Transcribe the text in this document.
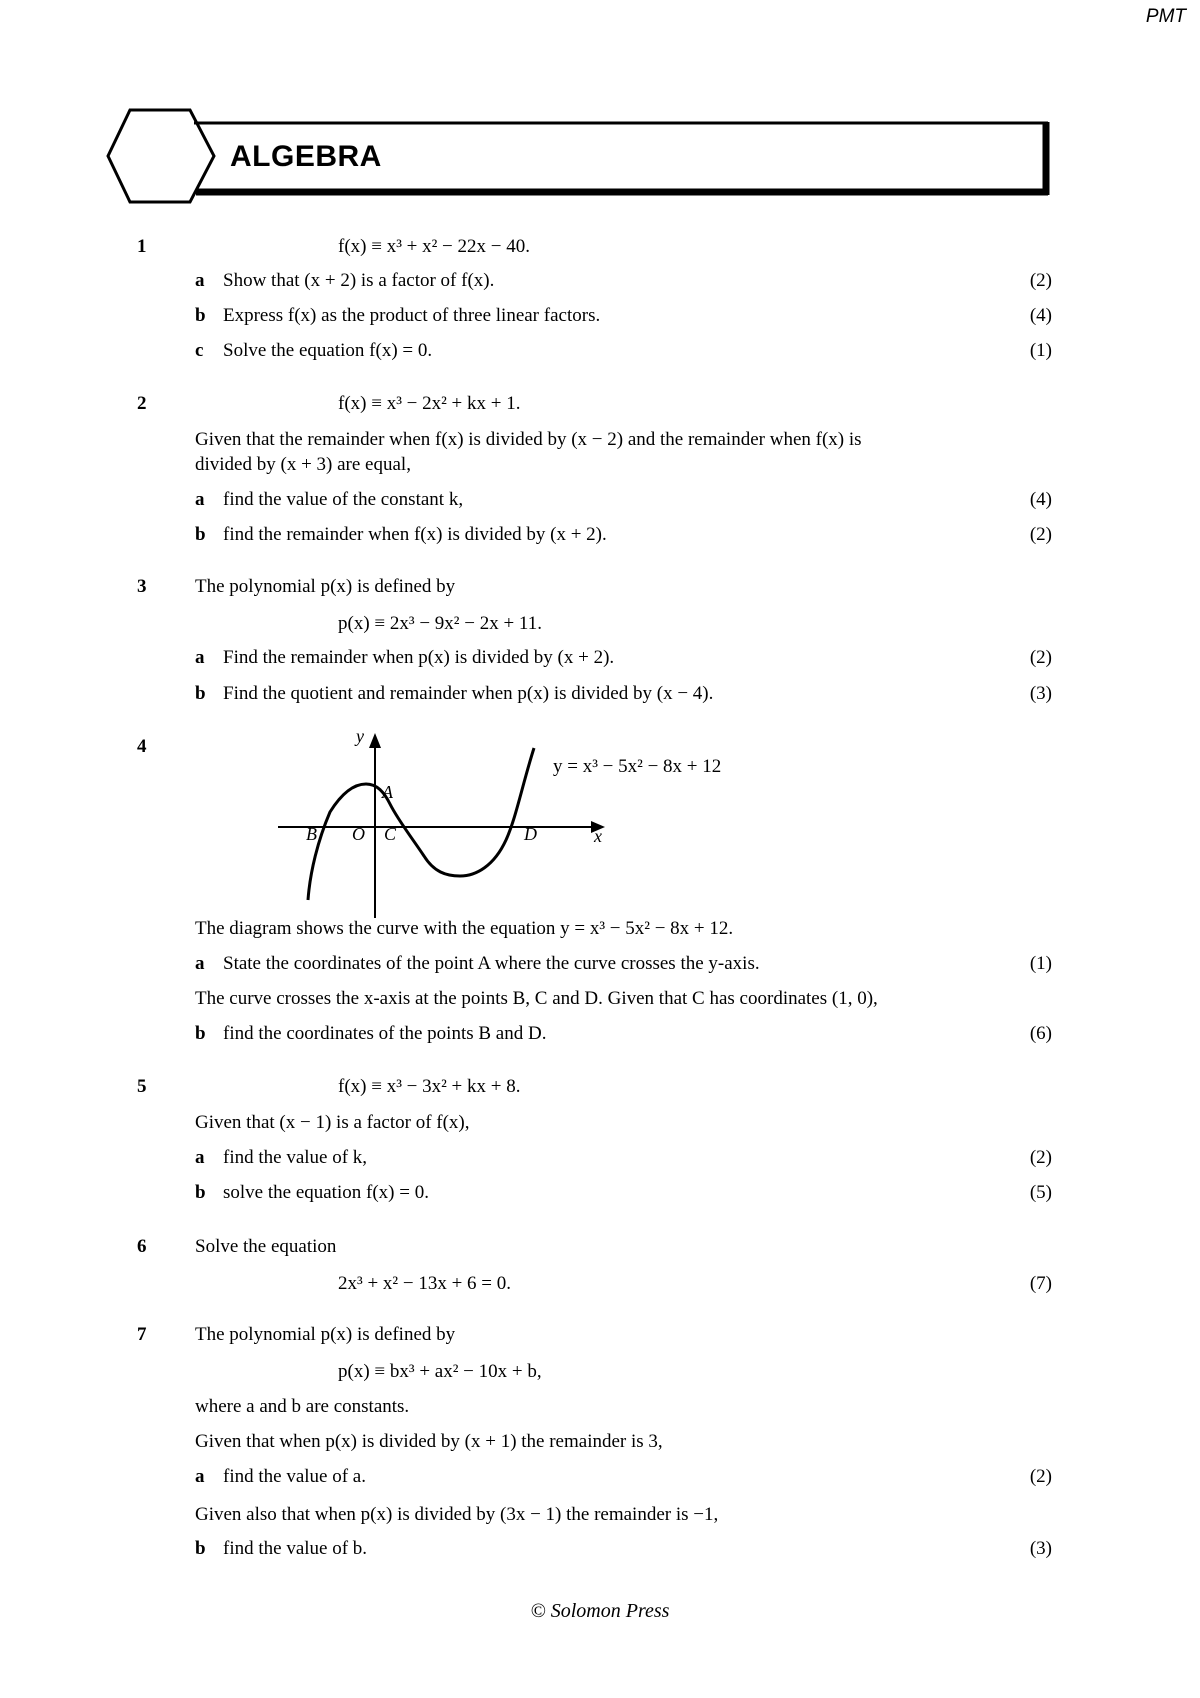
PMT
ALGEBRA
1	f(x) ≡ x³ + x² − 22x − 40.
a Show that (x + 2) is a factor of f(x).	(2)
b Express f(x) as the product of three linear factors.	(4)
c Solve the equation f(x) = 0.	(1)
2	f(x) ≡ x³ − 2x² + kx + 1.
Given that the remainder when f(x) is divided by (x − 2) and the remainder when f(x) is
divided by (x + 3) are equal,
a find the value of the constant k,	(4)
b find the remainder when f(x) is divided by (x + 2).	(2)
3	The polynomial p(x) is defined by
p(x) ≡ 2x³ − 9x² − 2x + 11.
a Find the remainder when p(x) is divided by (x + 2).	(2)
b Find the quotient and remainder when p(x) is divided by (x − 4).	(3)
4
y = x³ − 5x² − 8x + 12
y
x
A
B O C	D
The diagram shows the curve with the equation y = x³ − 5x² − 8x + 12.
a State the coordinates of the point A where the curve crosses the y-axis.	(1)
The curve crosses the x-axis at the points B, C and D. Given that C has coordinates (1, 0),
b find the coordinates of the points B and D.	(6)
5	f(x) ≡ x³ − 3x² + kx + 8.
Given that (x − 1) is a factor of f(x),
a find the value of k,	(2)
b solve the equation f(x) = 0.	(5)
6	Solve the equation
2x³ + x² − 13x + 6 = 0.	(7)
7	The polynomial p(x) is defined by
p(x) ≡ bx³ + ax² − 10x + b,
where a and b are constants.
Given that when p(x) is divided by (x + 1) the remainder is 3,
a find the value of a.	(2)
Given also that when p(x) is divided by (3x − 1) the remainder is −1,
b find the value of b.	(3)
© Solomon Press
